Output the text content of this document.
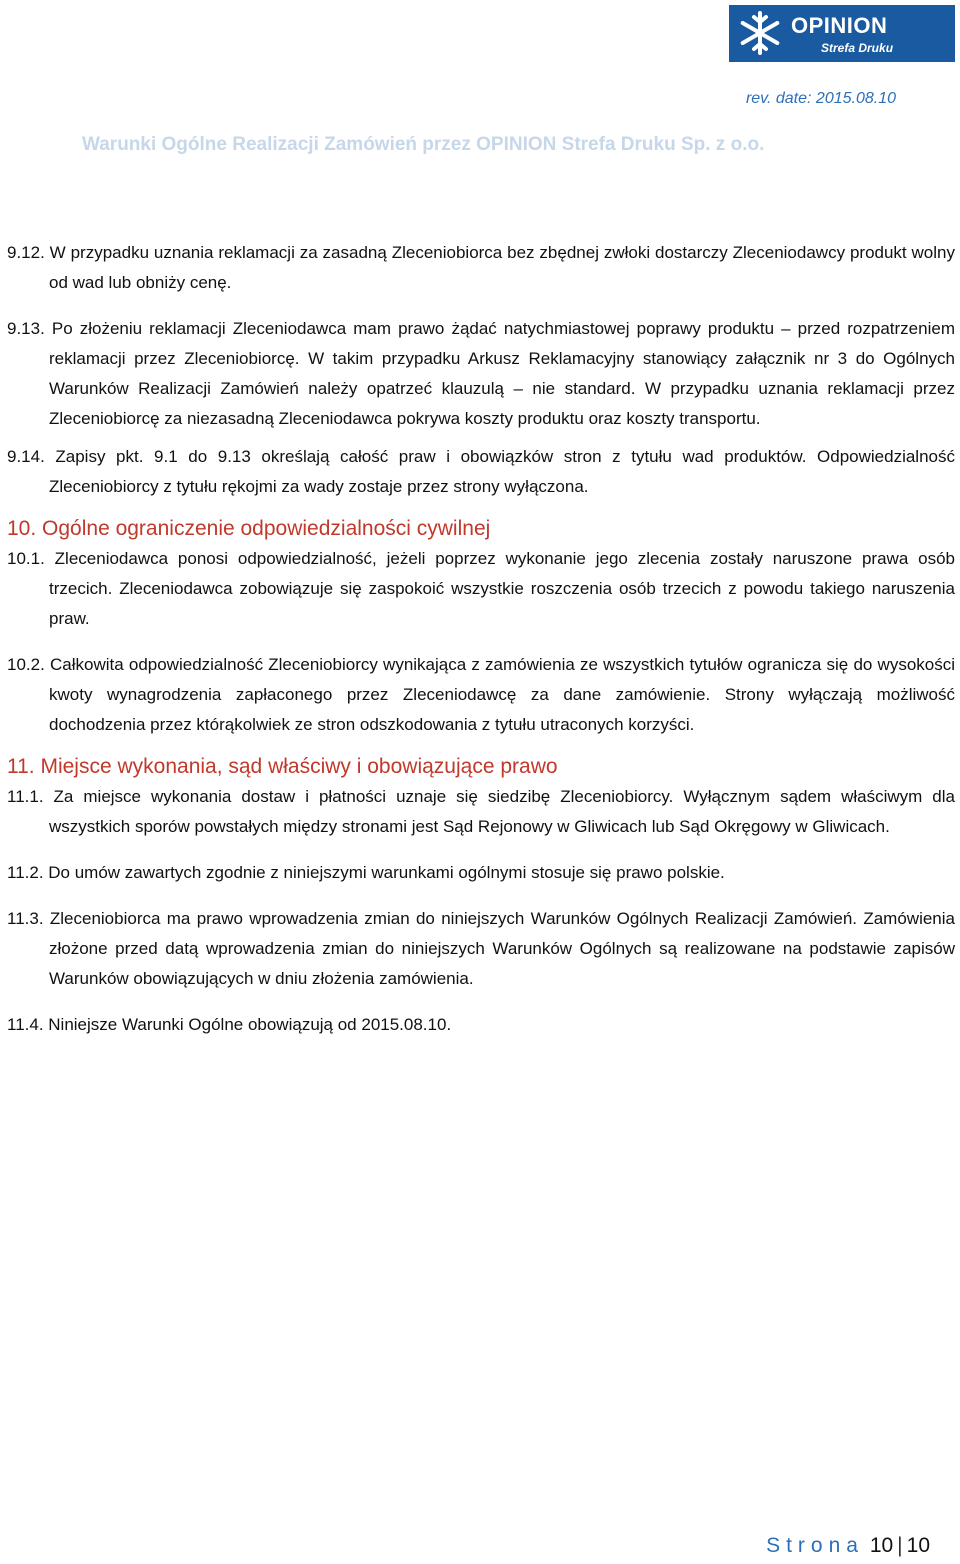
OPINION
Strefa Druku
rev. date: 2015.08.10
Warunki Ogólne Realizacji Zamówień przez OPINION Strefa Druku Sp. z o.o.

9.12. W przypadku uznania reklamacji za zasadną Zleceniobiorca bez zbędnej zwłoki dostarczy Zleceniodawcy produkt wolny od wad lub obniży cenę.

9.13. Po złożeniu reklamacji Zleceniodawca mam prawo żądać natychmiastowej poprawy produktu – przed rozpatrzeniem reklamacji przez Zleceniobiorcę. W takim przypadku Arkusz Reklamacyjny stanowiący załącznik nr 3 do Ogólnych Warunków Realizacji Zamówień należy opatrzeć klauzulą – nie standard. W przypadku uznania reklamacji przez Zleceniobiorcę za niezasadną Zleceniodawca pokrywa koszty produktu oraz koszty transportu.

9.14. Zapisy pkt. 9.1 do 9.13 określają całość praw i obowiązków stron z tytułu wad produktów. Odpowiedzialność Zleceniobiorcy z tytułu rękojmi za wady zostaje przez strony wyłączona.

10. Ogólne ograniczenie odpowiedzialności cywilnej

10.1. Zleceniodawca ponosi odpowiedzialność, jeżeli poprzez wykonanie jego zlecenia zostały naruszone prawa osób trzecich. Zleceniodawca zobowiązuje się zaspokoić wszystkie roszczenia osób trzecich z powodu takiego naruszenia praw.

10.2. Całkowita odpowiedzialność Zleceniobiorcy wynikająca z zamówienia ze wszystkich tytułów ogranicza się do wysokości kwoty wynagrodzenia zapłaconego przez Zleceniodawcę za dane zamówienie. Strony wyłączają możliwość dochodzenia przez którąkolwiek ze stron odszkodowania z tytułu utraconych korzyści.

11. Miejsce wykonania, sąd właściwy i obowiązujące prawo

11.1. Za miejsce wykonania dostaw i płatności uznaje się siedzibę Zleceniobiorcy. Wyłącznym sądem właściwym dla wszystkich sporów powstałych między stronami jest Sąd Rejonowy w Gliwicach lub Sąd Okręgowy w Gliwicach.

11.2. Do umów zawartych zgodnie z niniejszymi warunkami ogólnymi stosuje się prawo polskie.

11.3. Zleceniobiorca ma prawo wprowadzenia zmian do niniejszych Warunków Ogólnych Realizacji Zamówień. Zamówienia złożone przed datą wprowadzenia zmian do niniejszych Warunków Ogólnych są realizowane na podstawie zapisów Warunków obowiązujących w dniu złożenia zamówienia.

11.4. Niniejsze Warunki Ogólne obowiązują od 2015.08.10.

Strona 10 | 10
